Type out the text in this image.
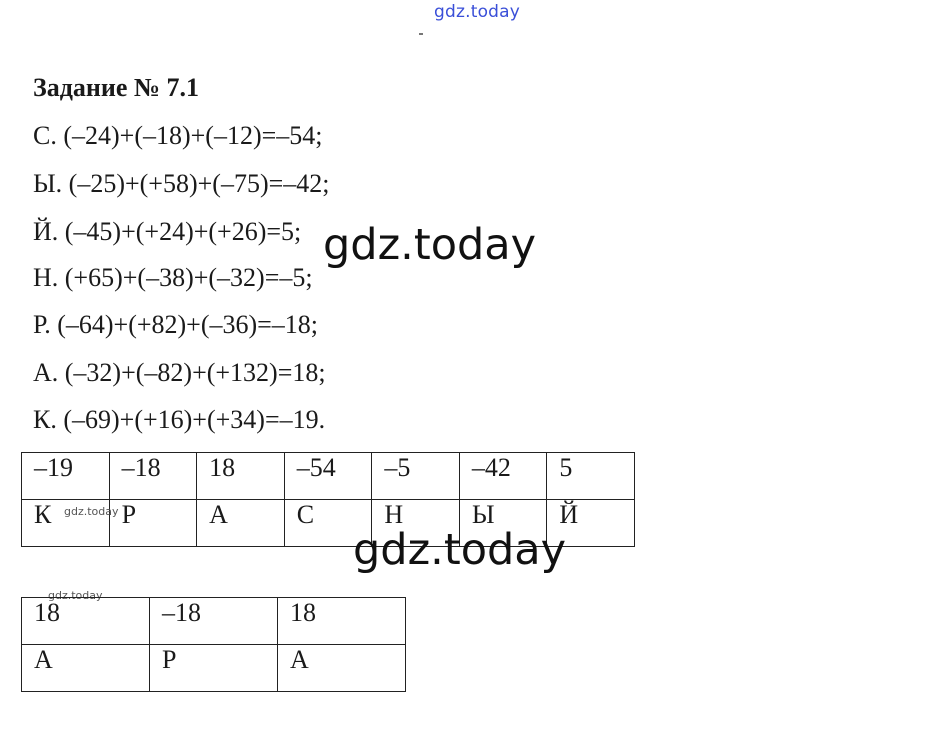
gdz.today
Задание № 7.1
С. (–24)+(–18)+(–12)=–54;
Ы. (–25)+(+58)+(–75)=–42;
Й. (–45)+(+24)+(+26)=5;
Н. (+65)+(–38)+(–32)=–5;
Р. (–64)+(+82)+(–36)=–18;
А. (–32)+(–82)+(+132)=18;
К. (–69)+(+16)+(+34)=–19.
gdz.today
–19	–18	18	–54	–5	–42	5
К	Р	А	С	Н	Ы	Й
gdz.today
gdz.today
gdz.today
18	–18	18
А	Р	А
